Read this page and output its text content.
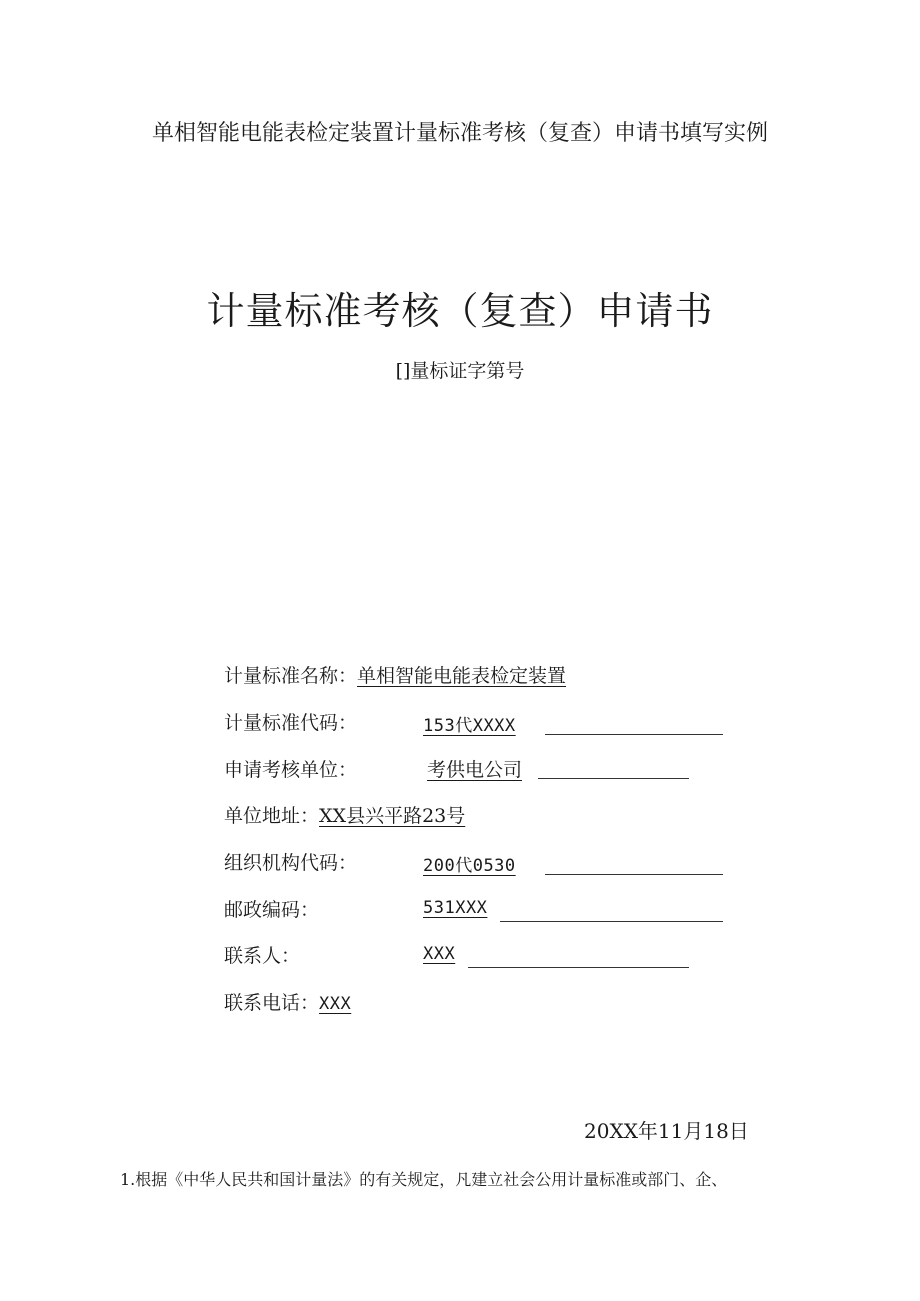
单相智能电能表检定装置计量标准考核（复查）申请书填写实例
计量标准考核（复查）申请书
[]量标证字第号
计量标准名称：单相智能电能表检定装置
计量标准代码：	153代XXXX
申请考核单位：	考供电公司
单位地址：XX县兴平路23号
组织机构代码：	200代0530
邮政编码：	531XXX
联系人：	XXX
联系电话：XXX
20XX年11月18日
1.根据《中华人民共和国计量法》的有关规定，凡建立社会公用计量标准或部门、企、
